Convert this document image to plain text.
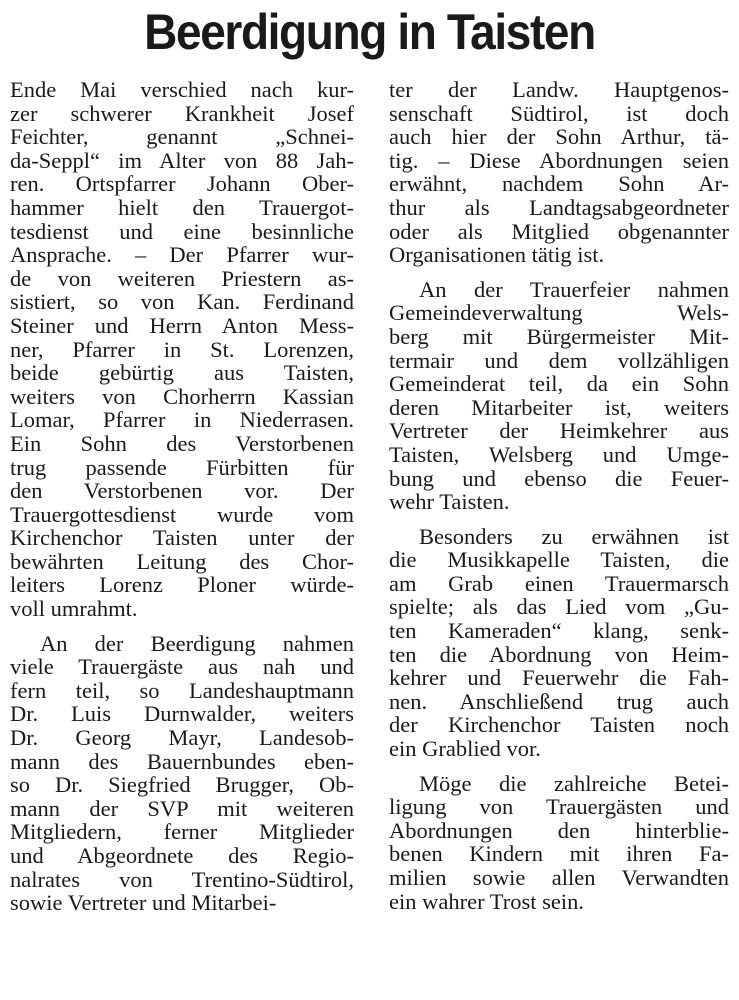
Beerdigung in Taisten
Ende Mai verschied nach kur-
zer schwerer Krankheit Josef
Feichter, genannt „Schnei-
da-Seppl“ im Alter von 88 Jah-
ren. Ortspfarrer Johann Ober-
hammer hielt den Trauergot-
tesdienst und eine besinnliche
Ansprache. – Der Pfarrer wur-
de von weiteren Priestern as-
sistiert, so von Kan. Ferdinand
Steiner und Herrn Anton Mess-
ner, Pfarrer in St. Lorenzen,
beide gebürtig aus Taisten,
weiters von Chorherrn Kassian
Lomar, Pfarrer in Niederrasen.
Ein Sohn des Verstorbenen
trug passende Fürbitten für
den Verstorbenen vor. Der
Trauergottesdienst wurde vom
Kirchenchor Taisten unter der
bewährten Leitung des Chor-
leiters Lorenz Ploner würde-
voll umrahmt.
An der Beerdigung nahmen
viele Trauergäste aus nah und
fern teil, so Landeshauptmann
Dr. Luis Durnwalder, weiters
Dr. Georg Mayr, Landesob-
mann des Bauernbundes eben-
so Dr. Siegfried Brugger, Ob-
mann der SVP mit weiteren
Mitgliedern, ferner Mitglieder
und Abgeordnete des Regio-
nalrates von Trentino-Südtirol,
sowie Vertreter und Mitarbei-
ter der Landw. Hauptgenos-
senschaft Südtirol, ist doch
auch hier der Sohn Arthur, tä-
tig. – Diese Abordnungen seien
erwähnt, nachdem Sohn Ar-
thur als Landtagsabgeordneter
oder als Mitglied obgenannter
Organisationen tätig ist.
An der Trauerfeier nahmen
Gemeindeverwaltung Wels-
berg mit Bürgermeister Mit-
termair und dem vollzähligen
Gemeinderat teil, da ein Sohn
deren Mitarbeiter ist, weiters
Vertreter der Heimkehrer aus
Taisten, Welsberg und Umge-
bung und ebenso die Feuer-
wehr Taisten.
Besonders zu erwähnen ist
die Musikkapelle Taisten, die
am Grab einen Trauermarsch
spielte; als das Lied vom „Gu-
ten Kameraden“ klang, senk-
ten die Abordnung von Heim-
kehrer und Feuerwehr die Fah-
nen. Anschließend trug auch
der Kirchenchor Taisten noch
ein Grablied vor.
Möge die zahlreiche Betei-
ligung von Trauergästen und
Abordnungen den hinterblie-
benen Kindern mit ihren Fa-
milien sowie allen Verwandten
ein wahrer Trost sein.
